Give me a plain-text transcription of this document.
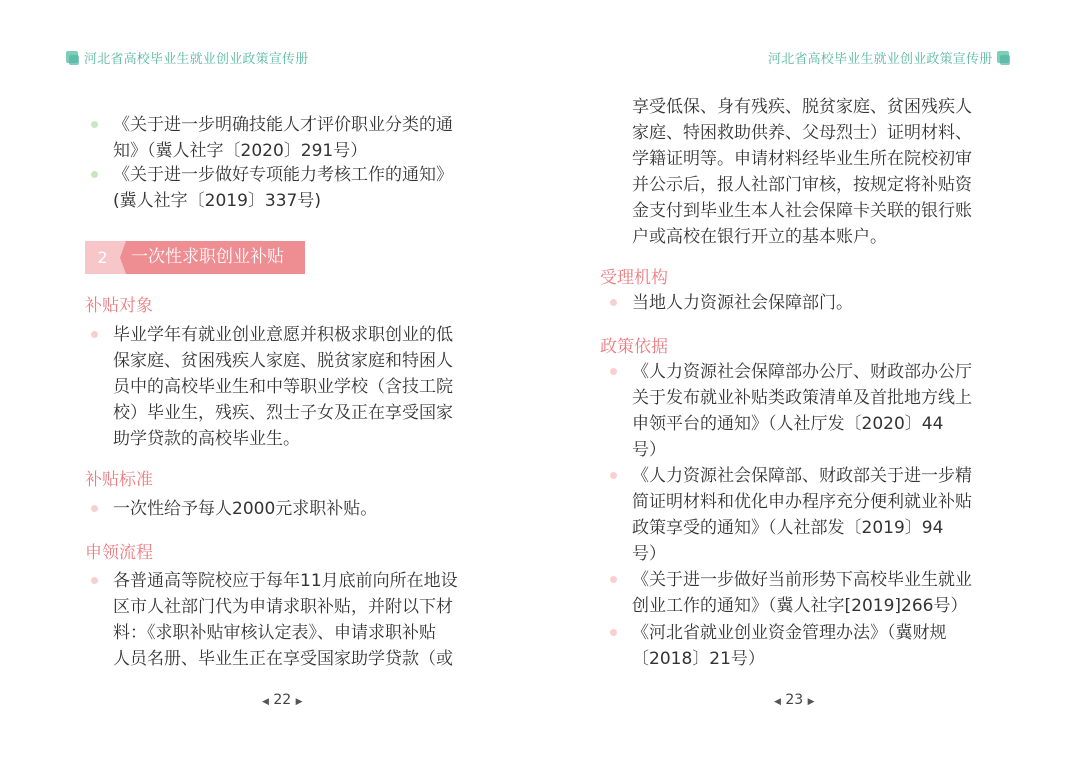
河北省高校毕业生就业创业政策宣传册	河北省高校毕业生就业创业政策宣传册
《关于进一步明确技能人才评价职业分类的通
知》（冀人社字〔2020〕291号）
《关于进一步做好专项能力考核工作的通知》
(冀人社字〔2019〕337号)
2	一次性求职创业补贴
补贴对象
毕业学年有就业创业意愿并积极求职创业的低
保家庭、贫困残疾人家庭、脱贫家庭和特困人
员中的高校毕业生和中等职业学校（含技工院
校）毕业生，残疾、烈士子女及正在享受国家
助学贷款的高校毕业生。
补贴标准
一次性给予每人2000元求职补贴。
申领流程
各普通高等院校应于每年11月底前向所在地设
区市人社部门代为申请求职补贴，并附以下材
料：《求职补贴审核认定表》、申请求职补贴
人员名册、毕业生正在享受国家助学贷款（或
◀ 22 ▶
享受低保、身有残疾、脱贫家庭、贫困残疾人
家庭、特困救助供养、父母烈士）证明材料、
学籍证明等。申请材料经毕业生所在院校初审
并公示后，报人社部门审核，按规定将补贴资
金支付到毕业生本人社会保障卡关联的银行账
户或高校在银行开立的基本账户。
受理机构
当地人力资源社会保障部门。
政策依据
《人力资源社会保障部办公厅、财政部办公厅
关于发布就业补贴类政策清单及首批地方线上
申领平台的通知》（人社厅发〔2020〕44
号）
《人力资源社会保障部、财政部关于进一步精
简证明材料和优化申办程序充分便利就业补贴
政策享受的通知》（人社部发〔2019〕94
号）
《关于进一步做好当前形势下高校毕业生就业
创业工作的通知》（冀人社字[2019]266号）
《河北省就业创业资金管理办法》（冀财规
〔2018〕21号）
◀ 23 ▶
